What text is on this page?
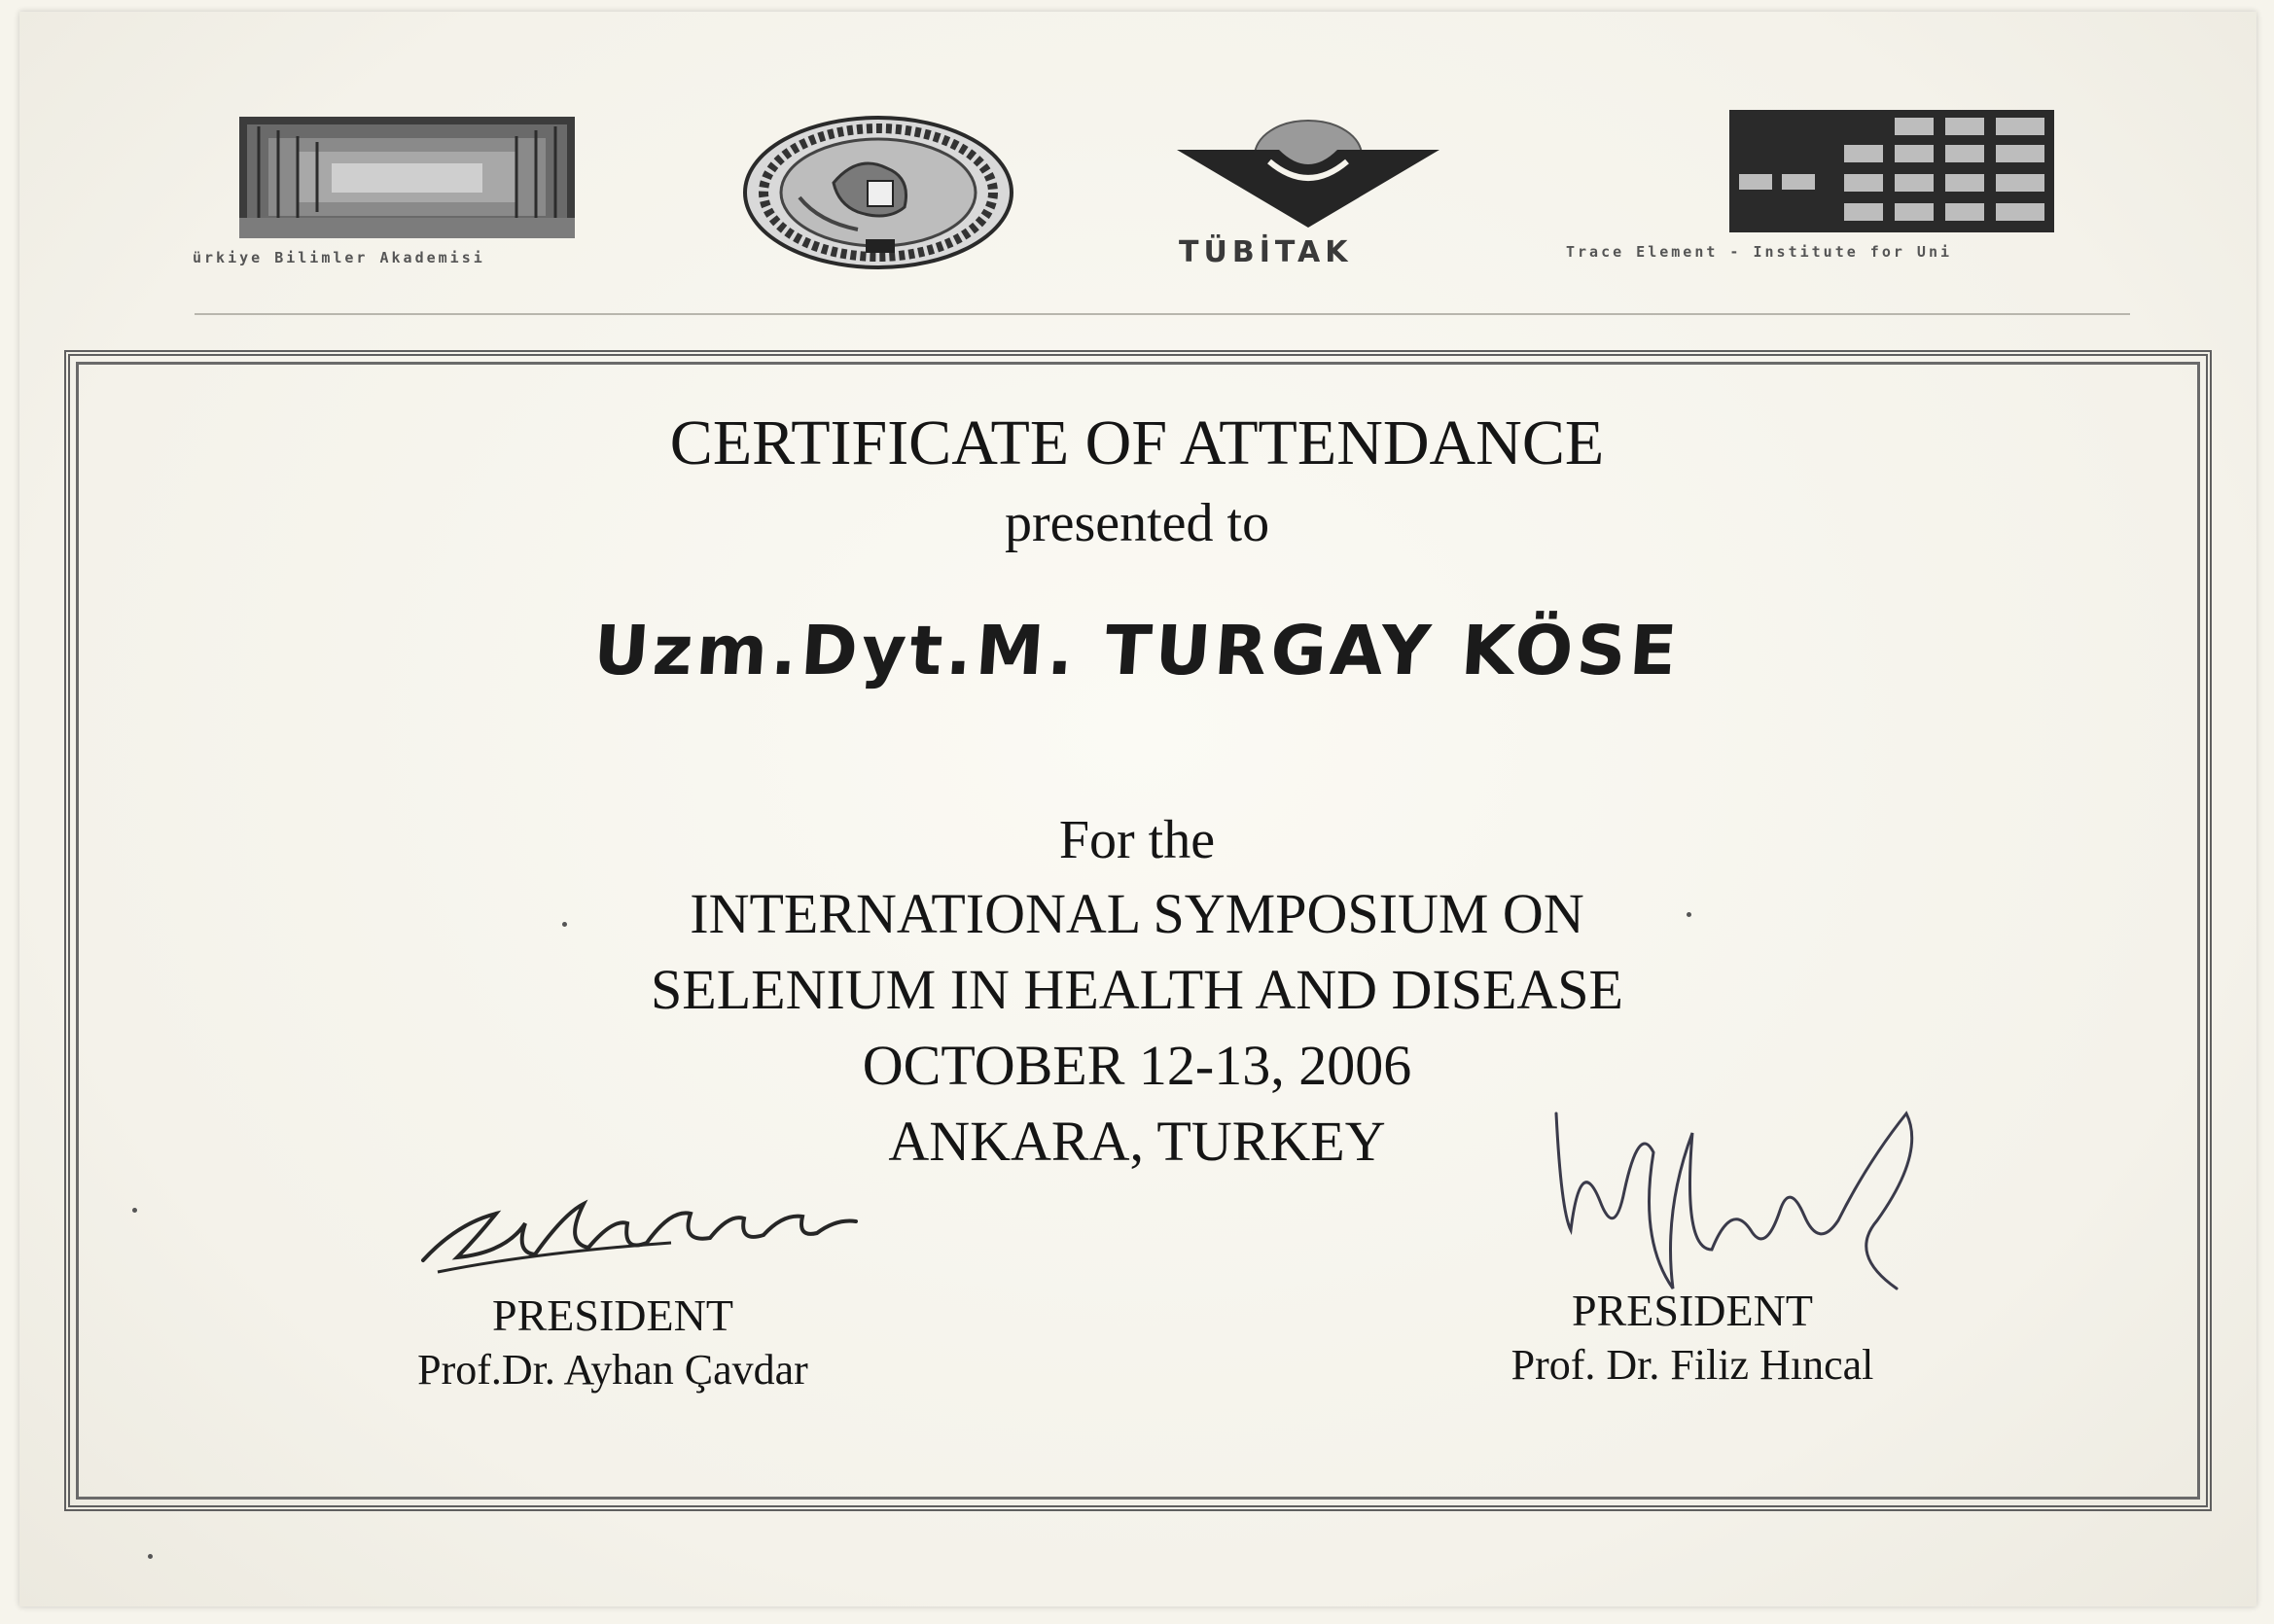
ürkiye Bilimler Akademisi	TÜBİTAK	Trace Element - Institute for Uni
CERTIFICATE OF ATTENDANCE
presented to
Uzm.Dyt.M. TURGAY KÖSE
For the
INTERNATIONAL SYMPOSIUM ON
SELENIUM IN HEALTH AND DISEASE
OCTOBER 12-13, 2006
ANKARA, TURKEY
PRESIDENT
Prof.Dr. Ayhan Çavdar
PRESIDENT
Prof. Dr. Filiz Hıncal
